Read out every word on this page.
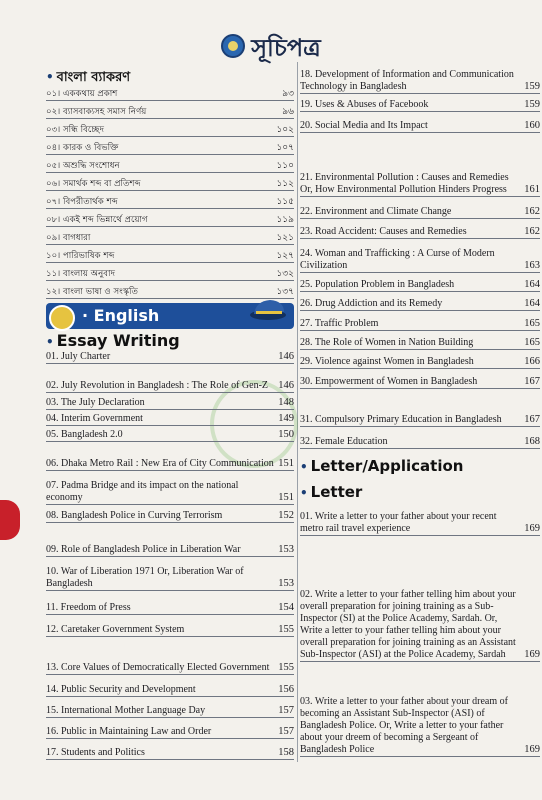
সূচিপত্র
• বাংলা ব্যাকরণ
০১। এককথায় প্রকাশ	৯৩
০২। ব্যাসবাক্যসহ সমাস নির্ণয়	৯৬
০৩। সন্ধি বিচ্ছেদ	১০২
০৪। কারক ও বিভক্তি	১০৭
০৫। অশুদ্ধি সংশোধন	১১০
০৬। সমার্থক শব্দ বা প্রতিশব্দ	১১২
০৭। বিপরীতার্থক শব্দ	১১৫
০৮। একই শব্দ ভিন্নার্থে প্রয়োগ	১১৯
০৯। বাগধারা	১২১
১০। পারিভাষিক শব্দ	১২৭
১১। বাংলায় অনুবাদ	১৩২
১২। বাংলা ভাষা ও সংস্কৃতি	১৩৭
· English
• Essay Writing
01. July Charter	146
02. July Revolution in Bangladesh : The Role of Gen-Z 146
03. The July Declaration	148
04. Interim Government	149
05. Bangladesh 2.0	150
06. Dhaka Metro Rail : New Era of City Communication 151
07. Padma Bridge and its impact on the national economy	151
08. Bangladesh Police in Curving Terrorism	152
09. Role of Bangladesh Police in Liberation War	153
10. War of Liberation 1971 Or, Liberation War of Bangladesh	153
11. Freedom of Press	154
12. Caretaker Government System	155
13. Core Values of Democratically Elected Government 155
14. Public Security and Development	156
15. International Mother Language Day	157
16. Public in Maintaining Law and Order	157
17. Students and Politics	158
18. Development of Information and Communication Technology in Bangladesh	159
19. Uses & Abuses of Facebook	159
20. Social Media and Its Impact	160
21. Environmental Pollution : Causes and Remedies Or, How Environmental Pollution Hinders Progress	161
22. Environment and Climate Change	162
23. Road Accident: Causes and Remedies	162
24. Woman and Trafficking : A Curse of Modern Civilization	163
25. Population Problem in Bangladesh	164
26. Drug Addiction and its Remedy	164
27. Traffic Problem	165
28. The Role of Women in Nation Building	165
29. Violence against Women in Bangladesh	166
30. Empowerment of Women in Bangladesh	167
31. Compulsory Primary Education in Bangladesh	167
32. Female Education	168
• Letter/Application
• Letter
01. Write a letter to your father about your recent metro rail travel experience	169
02. Write a letter to your father telling him about your overall preparation for joining training as a Sub-Inspector (SI) at the Police Academy, Sardah. Or, Write a letter to your father telling him about your overall preparation for joining training as an Assistant Sub-Inspector (ASI) at the Police Academy, Sardah	169
03. Write a letter to your father about your dream of becoming an Assistant Sub-Inspector (ASI) of Bangladesh Police. Or, Write a letter to your father about your dreem of becoming a Sergeant of Bangladesh Police	169
